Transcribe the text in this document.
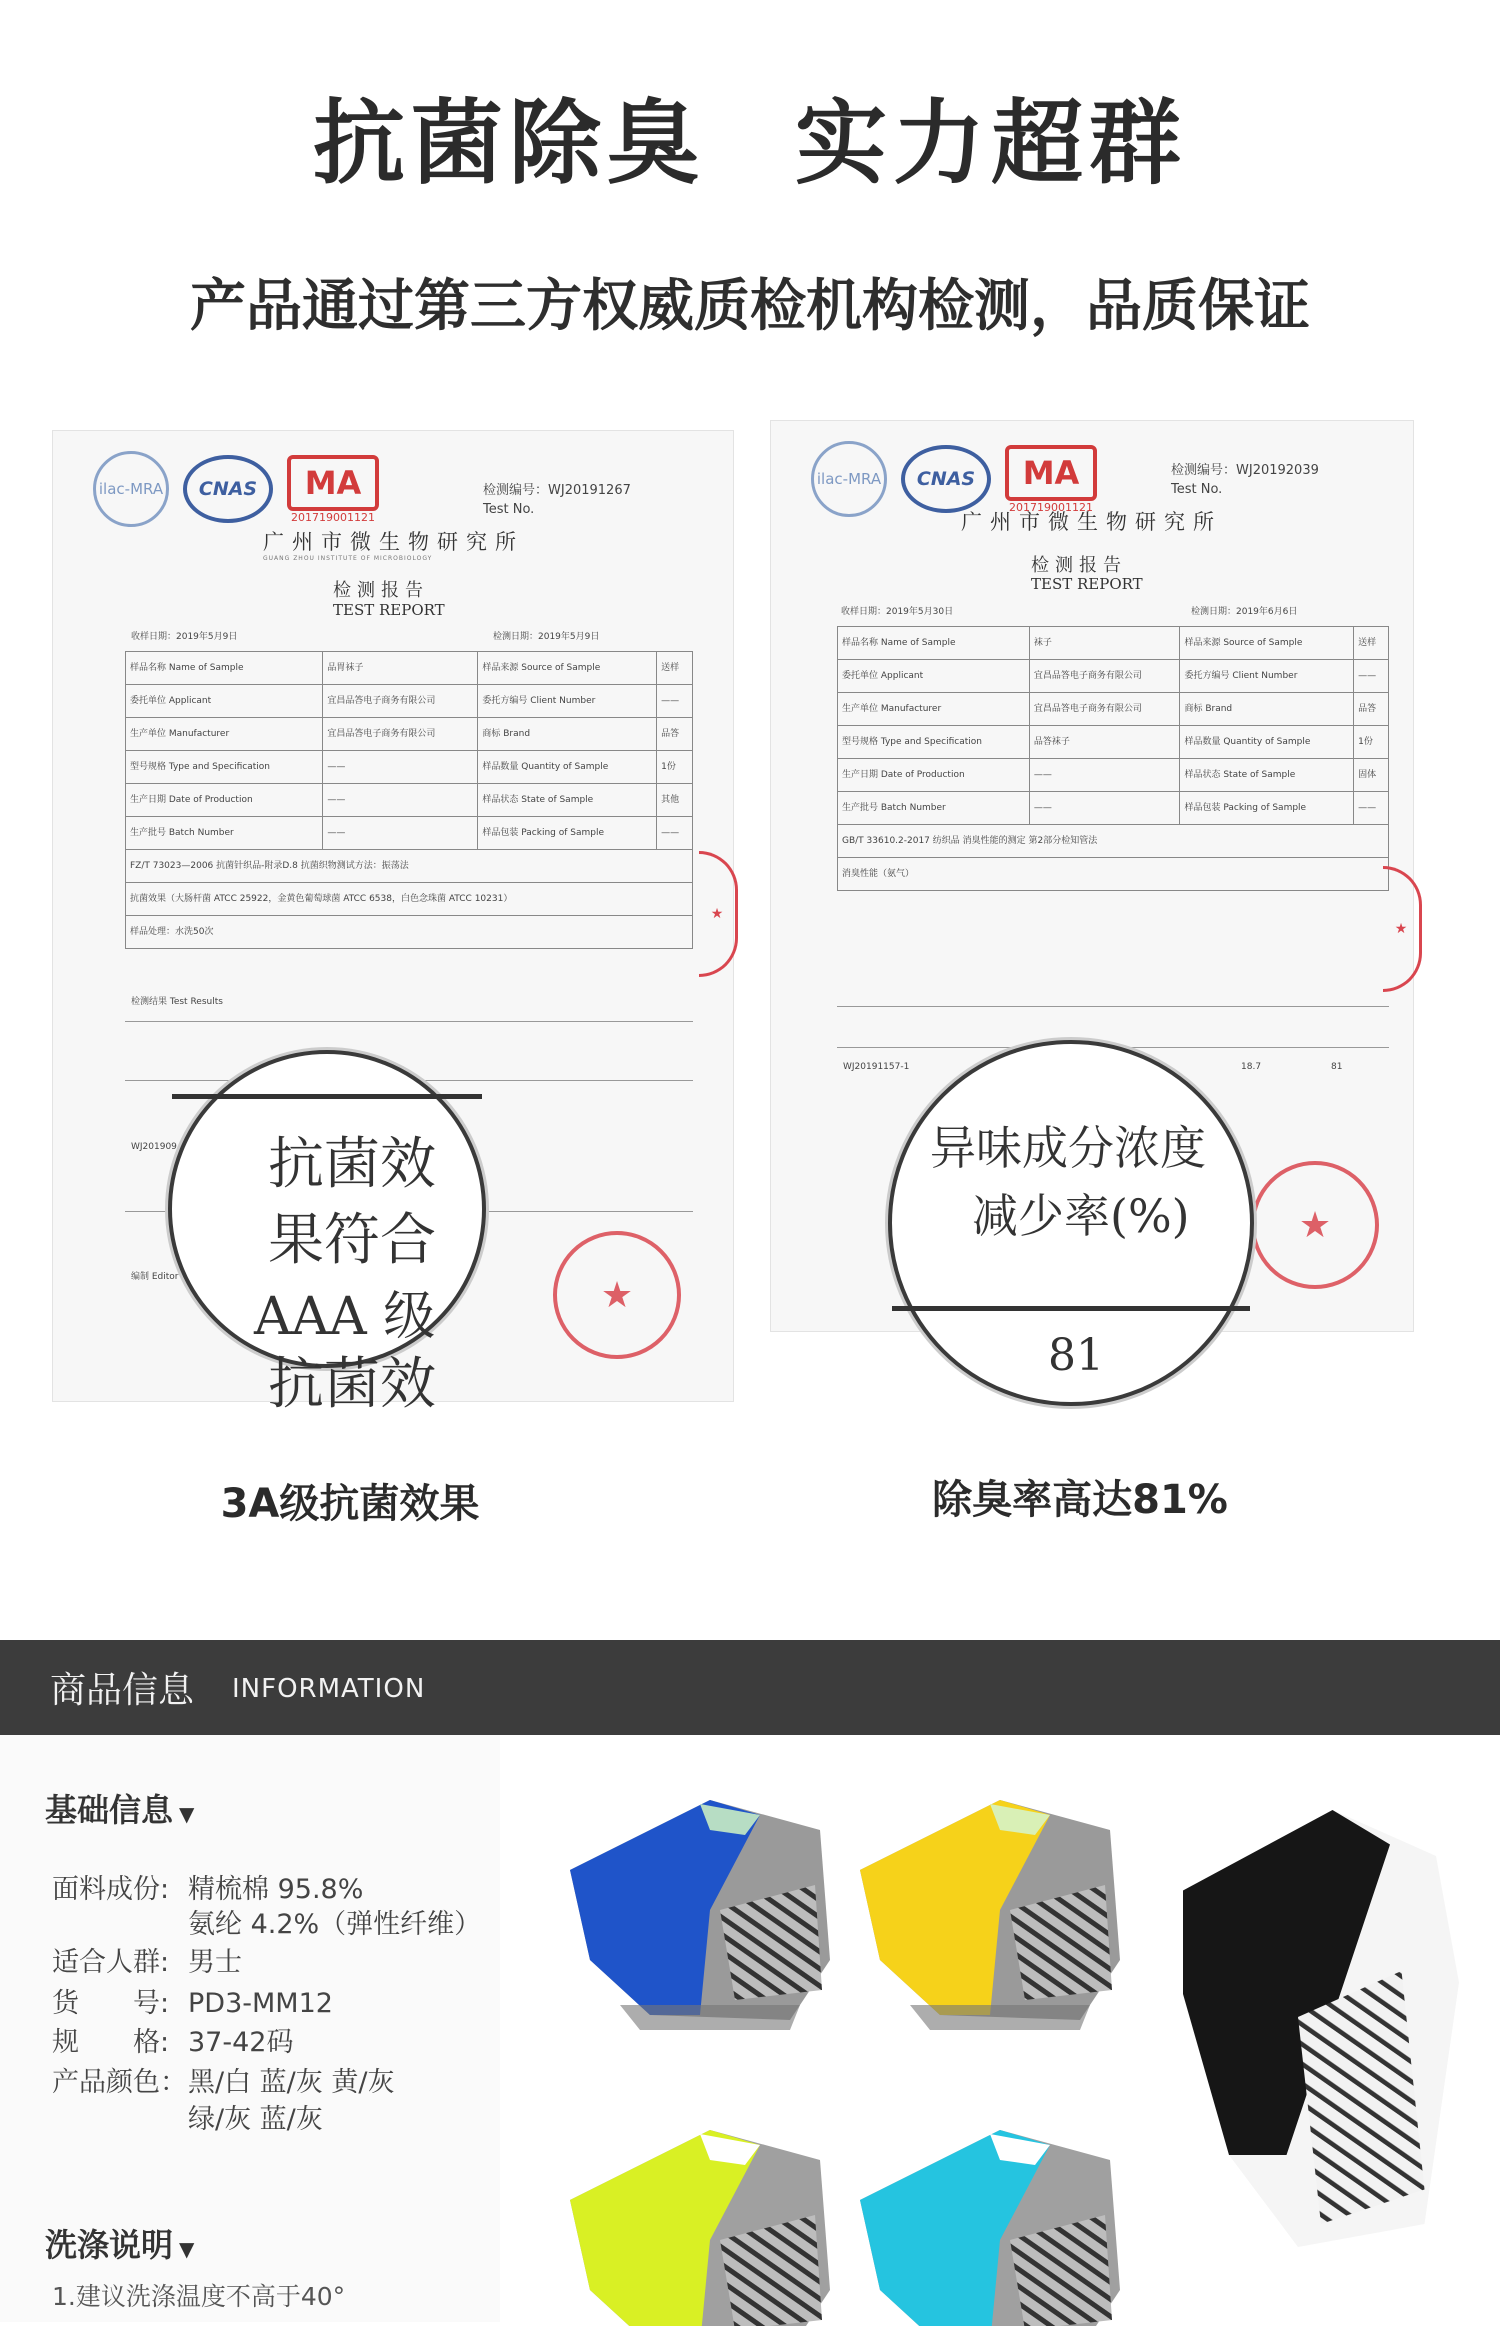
抗菌除臭 实力超群
产品通过第三方权威质检机构检测，品质保证
ilac-MRA	CNAS	MA
201719001121
检测编号：WJ20191267
Test No.
广州市微生物研究所
GUANG ZHOU INSTITUTE OF MICROBIOLOGY
检测报告
TEST REPORT
收样日期：2019年5月9日	检测日期：2019年5月9日
样品名称 Name of Sample	品胃袜子	样品来源 Source of Sample	送样
委托单位 Applicant	宜昌品答电子商务有限公司	委托方编号 Client Number	——
生产单位 Manufacturer	宜昌品答电子商务有限公司	商标 Brand	品答
型号规格 Type and Specification	——	样品数量 Quantity of Sample	1份
生产日期 Date of Production	——	样品状态 State of Sample	其他
生产批号 Batch Number	——	样品包装 Packing of Sample	——
FZ/T 73023—2006 抗菌针织品-附录D.8 抗菌织物测试方法：振荡法			
抗菌效果（大肠杆菌 ATCC 25922，金黄色葡萄球菌 ATCC 6538，白色念珠菌 ATCC 10231）			
样品处理：水洗50次			
检测结果 Test Results
WJ201909
编制 Editor	★
★
抗菌效
果符合
AAA 级
抗菌效
ilac-MRA	CNAS	MA
201719001121
检测编号：WJ20192039
Test No.
广州市微生物研究所
检测报告
TEST REPORT
收样日期：2019年5月30日	检测日期：2019年6月6日
样品名称 Name of Sample	袜子	样品来源 Source of Sample	送样
委托单位 Applicant	宜昌品答电子商务有限公司	委托方编号 Client Number	——
生产单位 Manufacturer	宜昌品答电子商务有限公司	商标 Brand	品答
型号规格 Type and Specification	品答袜子	样品数量 Quantity of Sample	1份
生产日期 Date of Production	——	样品状态 State of Sample	固体
生产批号 Batch Number	——	样品包装 Packing of Sample	——
GB/T 33610.2-2017 纺织品 消臭性能的测定 第2部分检知管法			
消臭性能（氨气）			
WJ20191157-1	18.7	81
★
★
异味成分浓度
减少率(%)
81
3A级抗菌效果	除臭率高达81%
商品信息 INFORMATION
基础信息 ▼
面料成份: 精梳棉 95.8%
氨纶 4.2%（弹性纤维）
适合人群: 男士
货　　号: PD3-MM12
规　　格: 37-42码
产品颜色：黑/白 蓝/灰 黄/灰
绿/灰 蓝/灰
洗涤说明 ▼
1.建议洗涤温度不高于40°
